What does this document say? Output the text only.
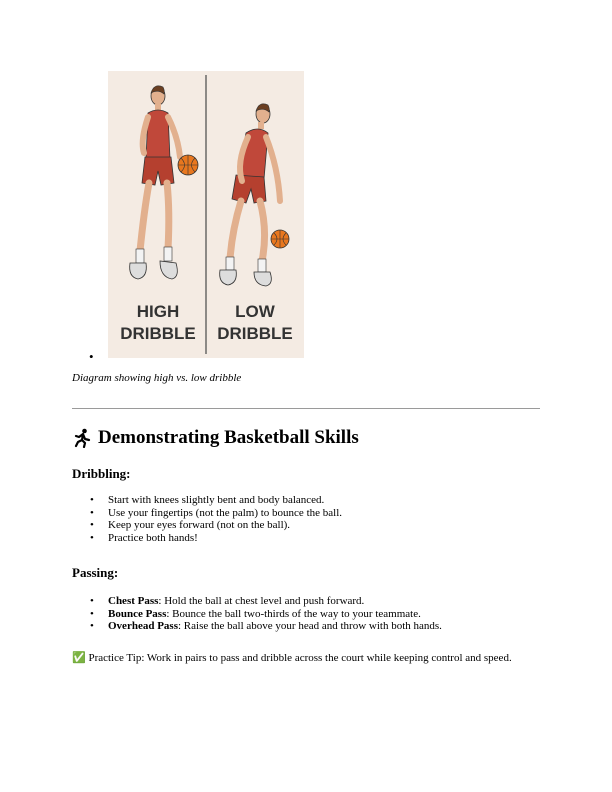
HIGH
DRIBBLE
LOW
DRIBBLE
•
Diagram showing high vs. low dribble
Demonstrating Basketball Skills
Dribbling:
• Start with knees slightly bent and body balanced.
• Use your fingertips (not the palm) to bounce the ball.
• Keep your eyes forward (not on the ball).
• Practice both hands!
Passing:
• Chest Pass: Hold the ball at chest level and push forward.
• Bounce Pass: Bounce the ball two-thirds of the way to your teammate.
• Overhead Pass: Raise the ball above your head and throw with both hands.
✅ Practice Tip: Work in pairs to pass and dribble across the court while keeping control and speed.
